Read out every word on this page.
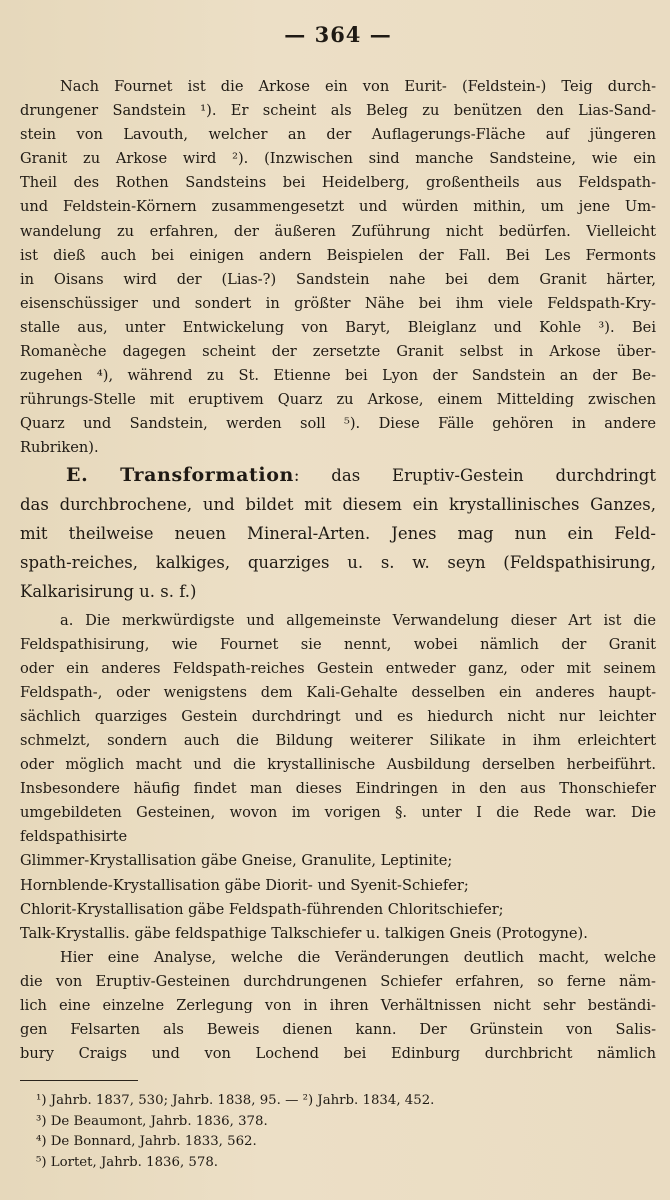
— 364 —
Nach Fournet ist die Arkose ein von Eurit- (Feldstein-) Teig durch-
drungener Sandstein ¹). Er scheint als Beleg zu benützen den Lias-Sand-
stein von Lavouth, welcher an der Auflagerungs-Fläche auf jüngeren
Granit zu Arkose wird ²). (Inzwischen sind manche Sandsteine, wie ein
Theil des Rothen Sandsteins bei Heidelberg, großentheils aus Feldspath-
und Feldstein-Körnern zusammengesetzt und würden mithin, um jene Um-
wandelung zu erfahren, der äußeren Zuführung nicht bedürfen. Vielleicht
ist dieß auch bei einigen andern Beispielen der Fall. Bei Les Fermonts
in Oisans wird der (Lias-?) Sandstein nahe bei dem Granit härter,
eisenschüssiger und sondert in größter Nähe bei ihm viele Feldspath-Kry-
stalle aus, unter Entwickelung von Baryt, Bleiglanz und Kohle ³). Bei
Romanèche dagegen scheint der zersetzte Granit selbst in Arkose über-
zugehen ⁴), während zu St. Etienne bei Lyon der Sandstein an der Be-
rührungs-Stelle mit eruptivem Quarz zu Arkose, einem Mittelding zwischen
Quarz und Sandstein, werden soll ⁵). Diese Fälle gehören in andere
Rubriken).
E. Transformation: das Eruptiv-Gestein durchdringt
das durchbrochene, und bildet mit diesem ein krystallinisches Ganzes,
mit theilweise neuen Mineral-Arten. Jenes mag nun ein Feld-
spath-reiches, kalkiges, quarziges u. s. w. seyn (Feldspathisirung,
Kalkarisirung u. s. f.)
a. Die merkwürdigste und allgemeinste Verwandelung dieser Art ist die
Feldspathisirung, wie Fournet sie nennt, wobei nämlich der Granit
oder ein anderes Feldspath-reiches Gestein entweder ganz, oder mit seinem
Feldspath-, oder wenigstens dem Kali-Gehalte desselben ein anderes haupt-
sächlich quarziges Gestein durchdringt und es hiedurch nicht nur leichter
schmelzt, sondern auch die Bildung weiterer Silikate in ihm erleichtert
oder möglich macht und die krystallinische Ausbildung derselben herbeiführt.
Insbesondere häufig findet man dieses Eindringen in den aus Thonschiefer
umgebildeten Gesteinen, wovon im vorigen §. unter I die Rede war. Die
feldspathisirte
Glimmer-Krystallisation gäbe Gneise, Granulite, Leptinite;
Hornblende-Krystallisation gäbe Diorit- und Syenit-Schiefer;
Chlorit-Krystallisation gäbe Feldspath-führenden Chloritschiefer;
Talk-Krystallis. gäbe feldspathige Talkschiefer u. talkigen Gneis (Protogyne).
Hier eine Analyse, welche die Veränderungen deutlich macht, welche
die von Eruptiv-Gesteinen durchdrungenen Schiefer erfahren, so ferne näm-
lich eine einzelne Zerlegung von in ihren Verhältnissen nicht sehr beständi-
gen Felsarten als Beweis dienen kann. Der Grünstein von Salis-
bury Craigs und von Lochend bei Edinburg durchbricht nämlich
¹) Jahrb. 1837, 530; Jahrb. 1838, 95. — ²) Jahrb. 1834, 452.
³) De Beaumont, Jahrb. 1836, 378.
⁴) De Bonnard, Jahrb. 1833, 562.
⁵) Lortet, Jahrb. 1836, 578.
